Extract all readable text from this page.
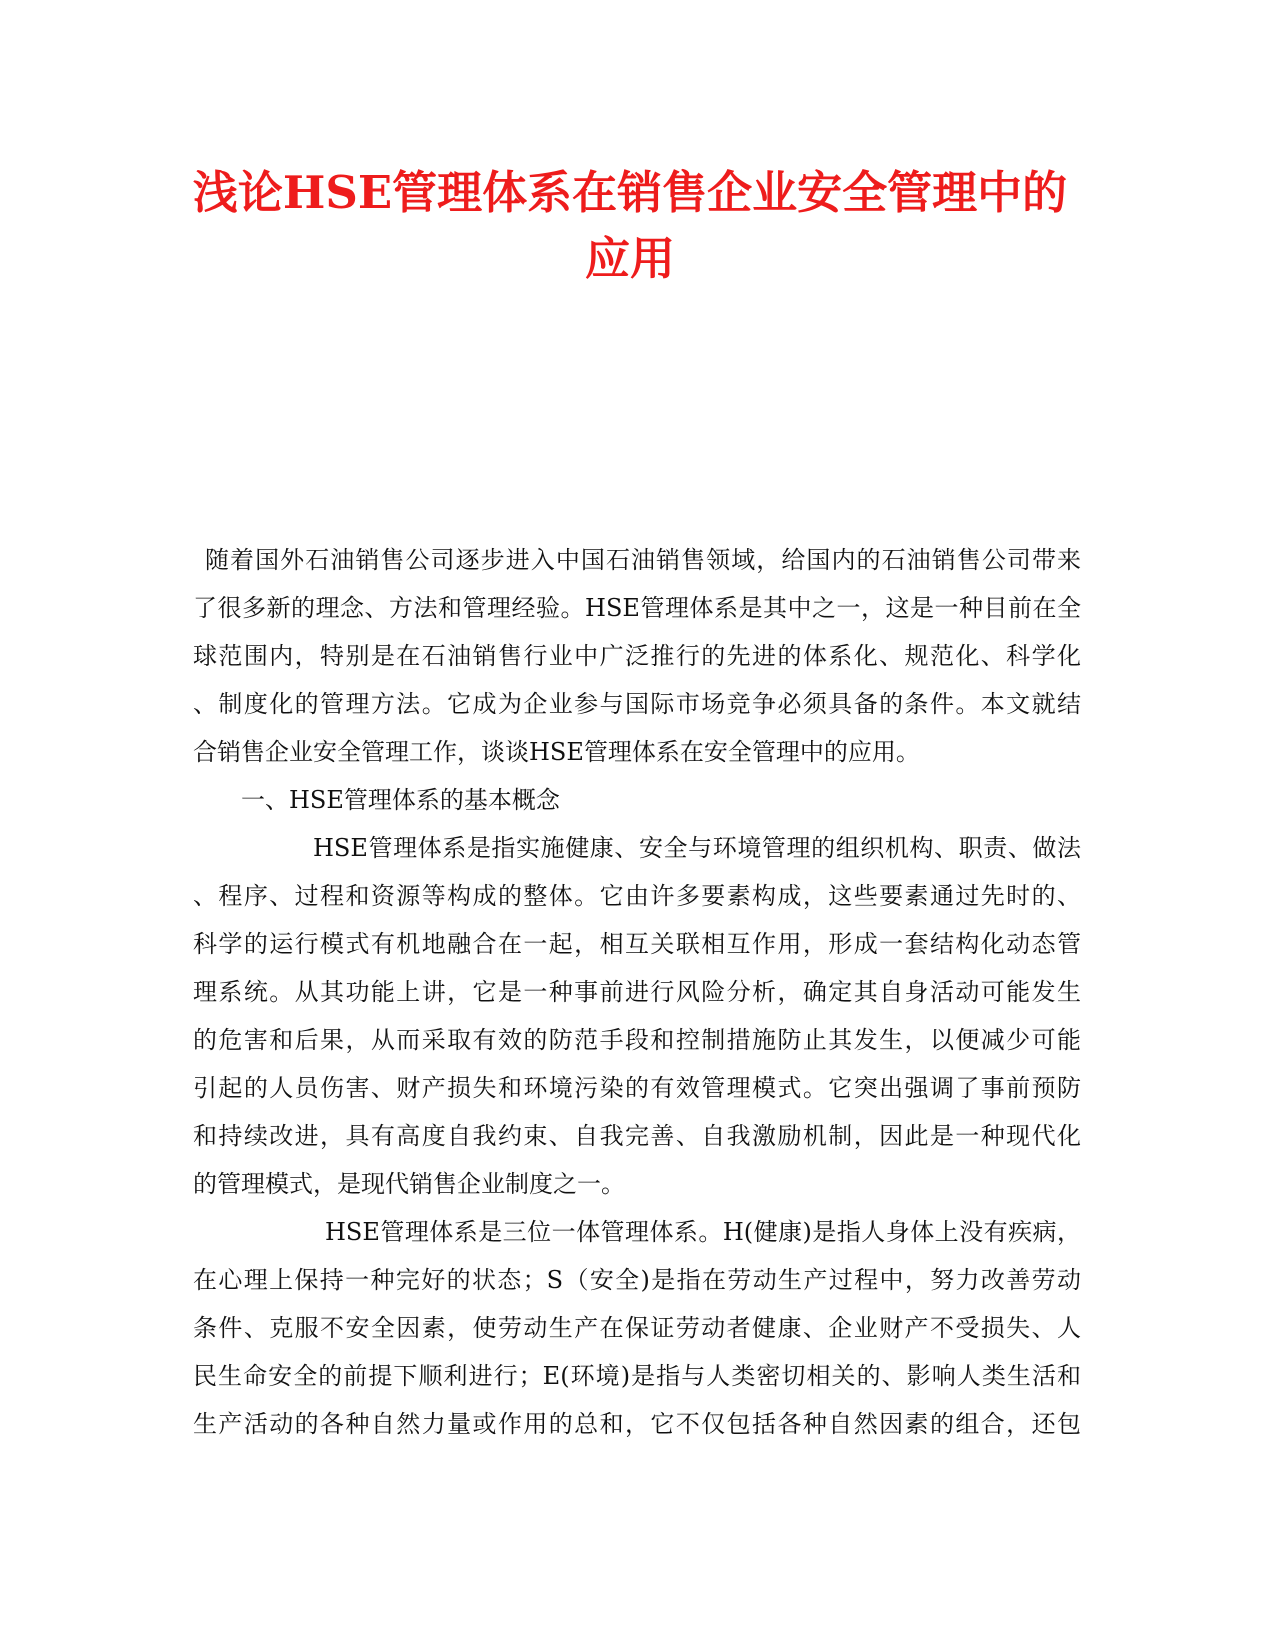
浅论HSE管理体系在销售企业安全管理中的
应用
随着国外石油销售公司逐步进入中国石油销售领域，给国内的石油销售公司带来
了很多新的理念、方法和管理经验。HSE管理体系是其中之一，这是一种目前在全
球范围内，特别是在石油销售行业中广泛推行的先进的体系化、规范化、科学化
、制度化的管理方法。它成为企业参与国际市场竞争必须具备的条件。本文就结
合销售企业安全管理工作，谈谈HSE管理体系在安全管理中的应用。
一、HSE管理体系的基本概念
HSE管理体系是指实施健康、安全与环境管理的组织机构、职责、做法
、程序、过程和资源等构成的整体。它由许多要素构成，这些要素通过先时的、
科学的运行模式有机地融合在一起，相互关联相互作用，形成一套结构化动态管
理系统。从其功能上讲，它是一种事前进行风险分析，确定其自身活动可能发生
的危害和后果，从而采取有效的防范手段和控制措施防止其发生，以便减少可能
引起的人员伤害、财产损失和环境污染的有效管理模式。它突出强调了事前预防
和持续改进，具有高度自我约束、自我完善、自我激励机制，因此是一种现代化
的管理模式，是现代销售企业制度之一。
HSE管理体系是三位一体管理体系。H(健康)是指人身体上没有疾病，
在心理上保持一种完好的状态；S（安全)是指在劳动生产过程中，努力改善劳动
条件、克服不安全因素，使劳动生产在保证劳动者健康、企业财产不受损失、人
民生命安全的前提下顺利进行；E(环境)是指与人类密切相关的、影响人类生活和
生产活动的各种自然力量或作用的总和，它不仅包括各种自然因素的组合，还包
